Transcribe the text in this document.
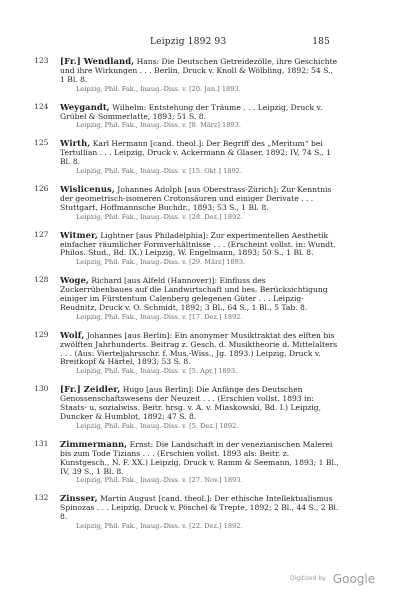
Leipzig 1892 93	185
123 [Fr.] Wendland, Hans: Die Deutschen Getreidezölle, ihre Geschichte und ihre Wirkungen . . . Berlin, Druck v. Knoll & Wölbling, 1892; 54 S., 1 Bl. 8.
Leipzig, Phil. Fak., Inaug.-Diss. v. [20. Jan.] 1893.
124 Weygandt, Wilhelm: Entstehung der Träume . . . Leipzig, Druck v. Grübel & Sommerlatte, 1893; 51 S. 8.
Leipzig, Phil. Fak., Inaug.-Diss. v. [8. März] 1893.
125 Wirth, Karl Hermann [cand. theol.]: Der Begriff des „Meritum“ bei Tertullian . . . Leipzig, Druck v. Ackermann & Glaser, 1892; IV, 74 S., 1 Bl. 8.
Leipzig, Phil. Fak., Inaug.-Diss. v. [15. Okt.] 1892.
126 Wislicenus, Johannes Adolph [aus Oberstrass-Zürich]: Zur Kenntnis der geometrisch-isomeren Crotonsäuren und einiger Derivate . . . Stuttgart, Hoffmannsche Buchdr., 1893; 53 S., 1 Bl. 8.
Leipzig, Phil. Fak., Inaug.-Diss. v. [28. Dez.] 1892.
127 Witmer, Lightner [aus Philadelphia]: Zur experimentellen Aesthetik einfacher räumlicher Formverhältnisse . . . (Erscheint vollst. in: Wundt, Philos. Stud., Bd. IX.) Leipzig, W. Engelmann, 1893; 50 S., 1 Bl. 8.
Leipzig, Phil. Fak., Inaug.-Diss. v. [29. März] 1893.
128 Woge, Richard [aus Alfeld (Hannover)]: Einfluss des Zuckerrübenbaues auf die Landwirtschaft und bes. Berücksichtigung einiger im Fürstentum Calenberg gelegenen Güter . . . Leipzig-Reudnitz, Druck v. O. Schmidt, 1892; 3 Bl., 64 S., 1 Bl., 5 Tab. 8.
Leipzig, Phil. Fak., Inaug.-Diss. v. [17. Dez.] 1892.
129 Wolf, Johannes [aus Berlin]: Ein anonymer Musiktraktat des elften bis zwölften Jahrhunderts. Beitrag z. Gesch. d. Musiktheorie d. Mittelalters . . . (Aus: Vierteljahrsschr. f. Mus.-Wiss., Jg. 1893.) Leipzig, Druck v. Breitkopf & Härtel, 1893; 53 S. 8.
Leipzig, Phil. Fak., Inaug.-Diss. v. [5. Apr.] 1893.
130 [Fr.] Zeidler, Hugo [aus Berlin]: Die Anfänge des Deutschen Genossenschaftswesens der Neuzeit . . . (Erschien vollst. 1893 in: Staats- u. sozialwiss. Beitr. hrsg. v. A. v. Miaskowski, Bd. I.) Leipzig, Duncker & Humblot, 1892; 47 S. 8.
Leipzig, Phil. Fak., Inaug.-Diss. v. [5. Dez.] 1892.
131 Zimmermann, Ernst: Die Landschaft in der venezianischen Malerei bis zum Tode Tizians . . . (Erschien vollst. 1893 als: Beitr. z. Kunstgesch., N. F. XX.) Leipzig, Druck v. Ramm & Seemann, 1893; 1 Bl., IV, 39 S., 1 Bl. 8.
Leipzig, Phil. Fak., Inaug.-Diss. v. [27. Nov.] 1893.
132 Zinsser, Martin August [cand. theol.]: Der ethische Intellektualismus Spinozas . . . Leipzig, Druck v. Pöschel & Trepte, 1892; 2 Bl., 44 S., 2 Bl. 8.
Leipzig, Phil. Fak., Inaug.-Diss. v. [22. Dez.] 1892.
Digitized by Google
